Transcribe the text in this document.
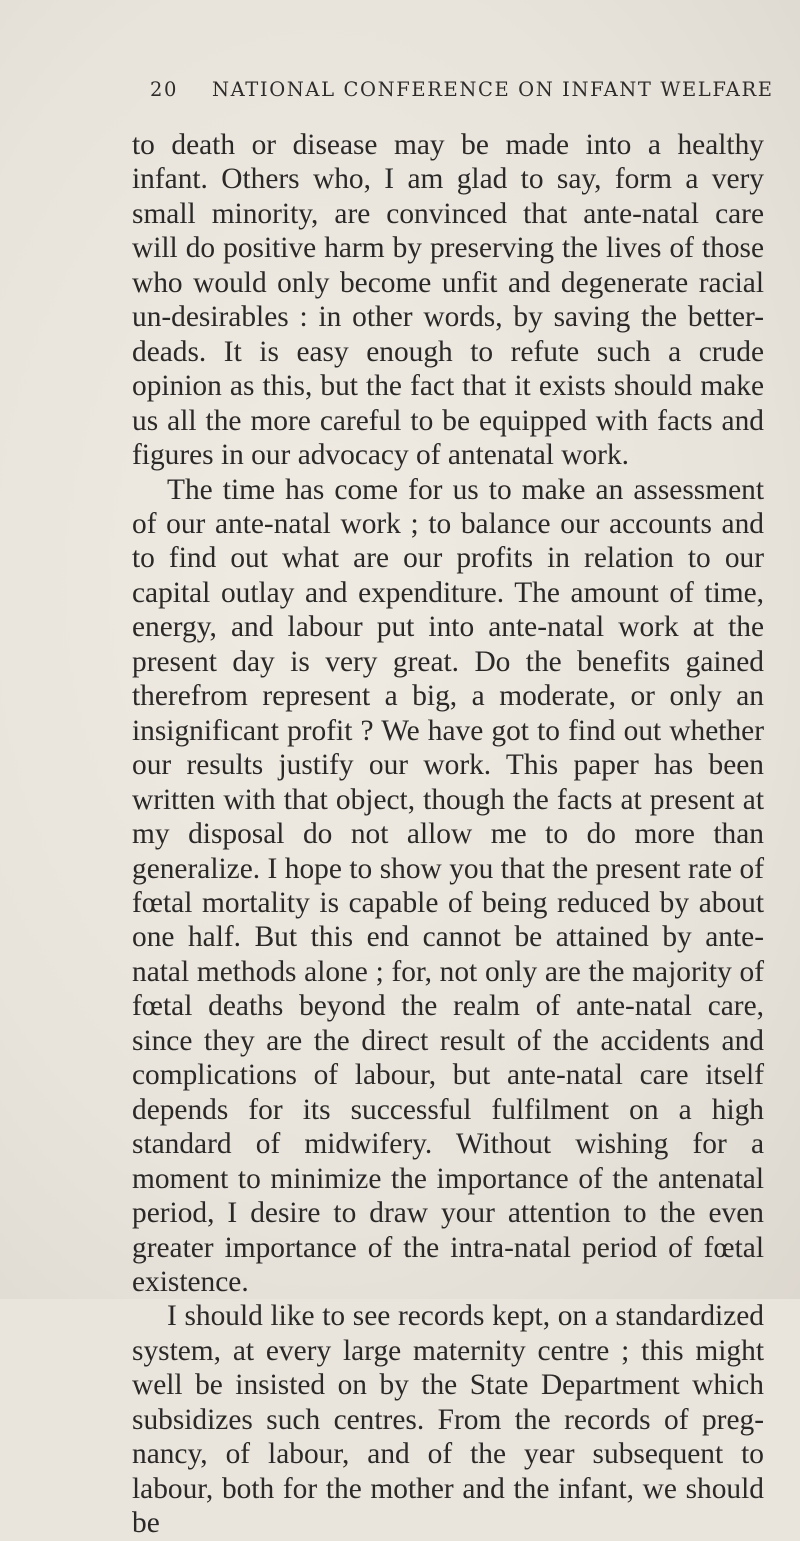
20 NATIONAL CONFERENCE ON INFANT WELFARE

to death or disease may be made into a healthy infant. Others who, I am glad to say, form a very small minority, are convinced that ante-natal care will do positive harm by preserving the lives of those who would only become unfit and degenerate racial un-desirables : in other words, by saving the better-deads. It is easy enough to refute such a crude opinion as this, but the fact that it exists should make us all the more careful to be equipped with facts and figures in our advocacy of antenatal work.

The time has come for us to make an assessment of our ante-natal work ; to balance our accounts and to find out what are our profits in relation to our capital outlay and expenditure. The amount of time, energy, and labour put into ante-natal work at the present day is very great. Do the benefits gained therefrom represent a big, a moderate, or only an insignificant profit ? We have got to find out whether our results justify our work. This paper has been written with that object, though the facts at present at my disposal do not allow me to do more than generalize. I hope to show you that the present rate of fœtal mortality is capable of being reduced by about one half. But this end cannot be attained by ante-natal methods alone ; for, not only are the majority of fœtal deaths beyond the realm of ante-natal care, since they are the direct result of the accidents and complications of labour, but ante-natal care itself depends for its successful fulfilment on a high standard of midwifery. Without wishing for a moment to minimize the importance of the antenatal period, I desire to draw your attention to the even greater importance of the intra-natal period of fœtal existence.

I should like to see records kept, on a standardized system, at every large maternity centre ; this might well be insisted on by the State Department which subsidizes such centres. From the records of preg-nancy, of labour, and of the year subsequent to labour, both for the mother and the infant, we should be
